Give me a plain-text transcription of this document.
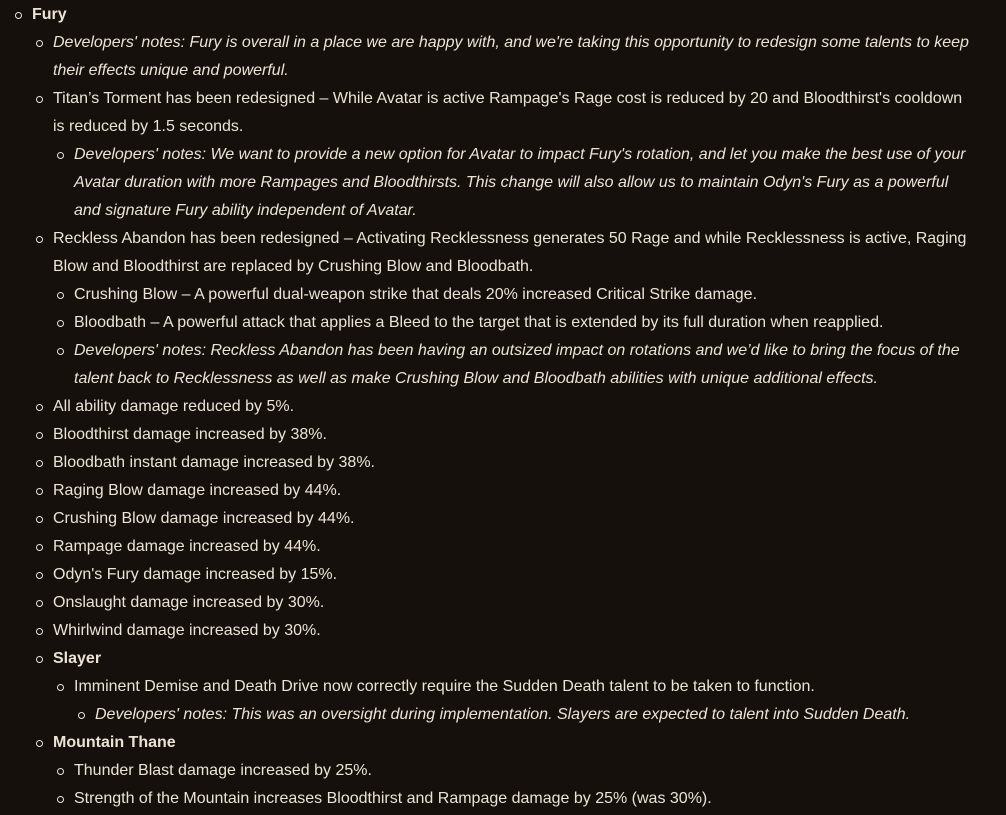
Fury
Developers' notes: Fury is overall in a place we are happy with, and we're taking this opportunity to redesign some talents to keep their effects unique and powerful.
Titan’s Torment has been redesigned – While Avatar is active Rampage's Rage cost is reduced by 20 and Bloodthirst's cooldown is reduced by 1.5 seconds.
Developers' notes: We want to provide a new option for Avatar to impact Fury's rotation, and let you make the best use of your Avatar duration with more Rampages and Bloodthirsts. This change will also allow us to maintain Odyn's Fury as a powerful and signature Fury ability independent of Avatar.
Reckless Abandon has been redesigned – Activating Recklessness generates 50 Rage and while Recklessness is active, Raging Blow and Bloodthirst are replaced by Crushing Blow and Bloodbath.
Crushing Blow – A powerful dual-weapon strike that deals 20% increased Critical Strike damage.
Bloodbath – A powerful attack that applies a Bleed to the target that is extended by its full duration when reapplied.
Developers' notes: Reckless Abandon has been having an outsized impact on rotations and we’d like to bring the focus of the talent back to Recklessness as well as make Crushing Blow and Bloodbath abilities with unique additional effects.
All ability damage reduced by 5%.
Bloodthirst damage increased by 38%.
Bloodbath instant damage increased by 38%.
Raging Blow damage increased by 44%.
Crushing Blow damage increased by 44%.
Rampage damage increased by 44%.
Odyn's Fury damage increased by 15%.
Onslaught damage increased by 30%.
Whirlwind damage increased by 30%.
Slayer
Imminent Demise and Death Drive now correctly require the Sudden Death talent to be taken to function.
Developers' notes: This was an oversight during implementation. Slayers are expected to talent into Sudden Death.
Mountain Thane
Thunder Blast damage increased by 25%.
Strength of the Mountain increases Bloodthirst and Rampage damage by 25% (was 30%).
